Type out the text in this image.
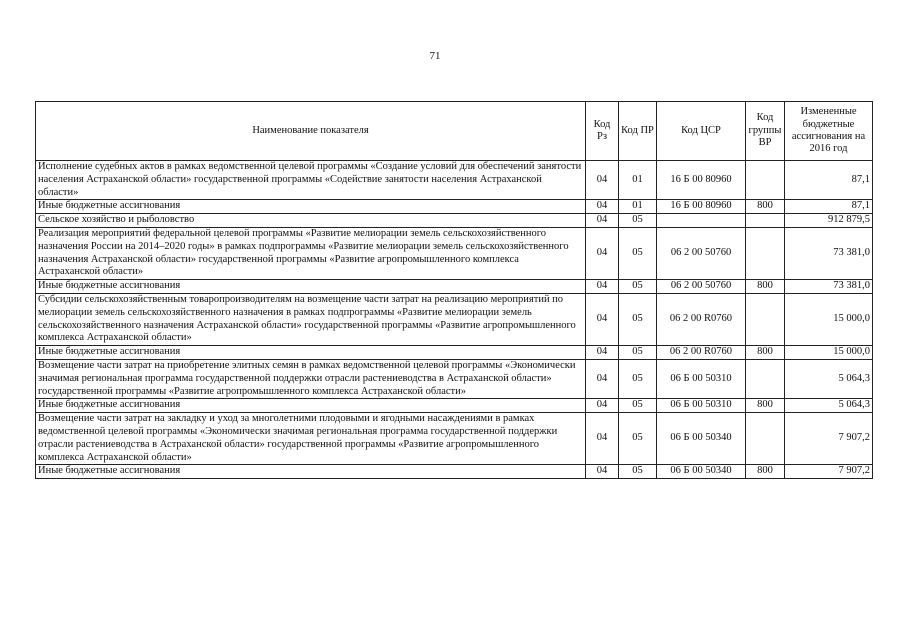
71
Наименование показателя	Код Рз	Код ПР	Код ЦСР	Код группы ВР	Измененные бюджетные ассигнования на 2016 год
Исполнение судебных актов в рамках ведомственной целевой программы «Создание условий для обеспечений занятости населения Астраханской области» государственной программы «Содействие занятости населения Астраханской области»	04	01	16 Б 00 80960		87,1
Иные бюджетные ассигнования	04	01	16 Б 00 80960	800	87,1
Сельское хозяйство и рыболовство	04	05			912 879,5
Реализация мероприятий федеральной целевой программы «Развитие мелиорации земель сельскохозяйственного назначения России на 2014–2020 годы» в рамках подпрограммы «Развитие мелиорации земель сельскохозяйственного назначения Астраханской области» государственной программы «Развитие агропромышленного комплекса Астраханской области»	04	05	06 2 00 50760		73 381,0
Иные бюджетные ассигнования	04	05	06 2 00 50760	800	73 381,0
Субсидии сельскохозяйственным товаропроизводителям на возмещение части затрат на реализацию мероприятий по мелиорации земель сельскохозяйственного назначения в рамках подпрограммы «Развитие мелиорации земель сельскохозяйственного назначения Астраханской области» государственной программы «Развитие агропромышленного комплекса Астраханской области»	04	05	06 2 00 R0760		15 000,0
Иные бюджетные ассигнования	04	05	06 2 00 R0760	800	15 000,0
Возмещение части затрат на приобретение элитных семян в рамках ведомственной целевой программы «Экономически значимая региональная программа государственной поддержки отрасли растениеводства в Астраханской области» государственной программы «Развитие агропромышленного комплекса Астраханской области»	04	05	06 Б 00 50310		5 064,3
Иные бюджетные ассигнования	04	05	06 Б 00 50310	800	5 064,3
Возмещение части затрат на закладку и уход за многолетними плодовыми и ягодными насаждениями в рамках ведомственной целевой программы «Экономически значимая региональная программа государственной поддержки отрасли растениеводства в Астраханской области» государственной программы «Развитие агропромышленного комплекса Астраханской области»	04	05	06 Б 00 50340		7 907,2
Иные бюджетные ассигнования	04	05	06 Б 00 50340	800	7 907,2
